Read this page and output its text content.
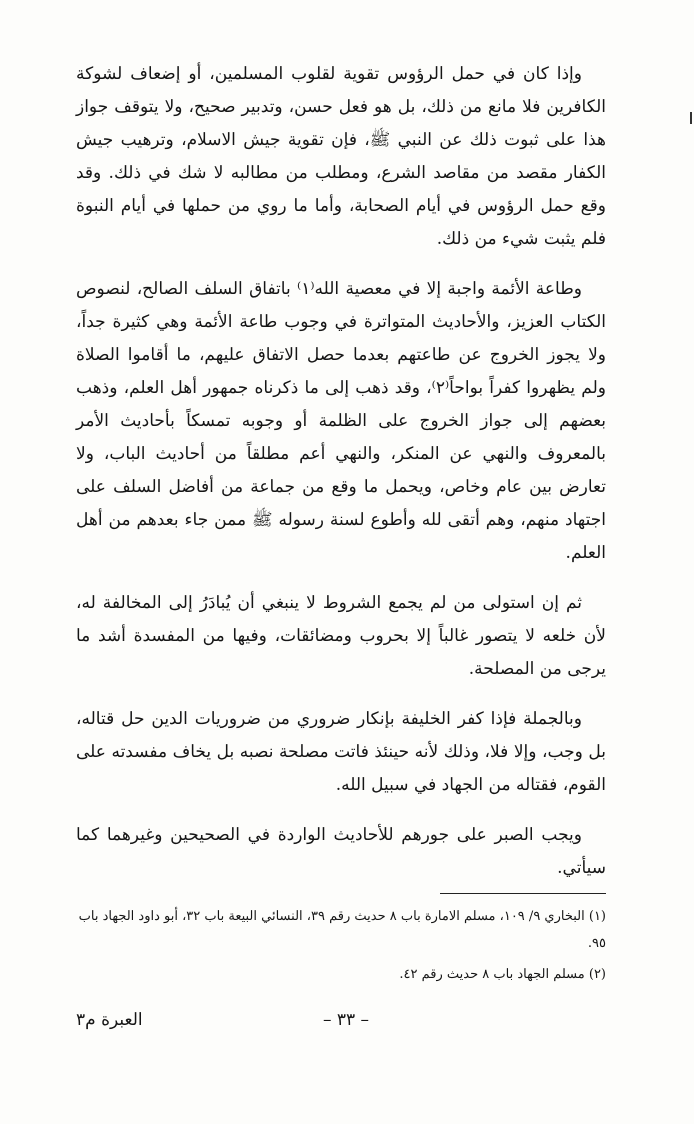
وإذا كان في حمل الرؤوس تقوية لقلوب المسلمين، أو إضعاف لشوكة الكافرين فلا مانع من ذلك، بل هو فعل حسن، وتدبير صحيح، ولا يتوقف جواز هذا على ثبوت ذلك عن النبي ﷺ، فإن تقوية جيش الاسلام، وترهيب جيش الكفار مقصد من مقاصد الشرع، ومطلب من مطالبه لا شك في ذلك. وقد وقع حمل الرؤوس في أيام الصحابة، وأما ما روي من حملها في أيام النبوة فلم يثبت شيء من ذلك.

وطاعة الأئمة واجبة إلا في معصية الله⁽١⁾ باتفاق السلف الصالح، لنصوص الكتاب العزيز، والأحاديث المتواترة في وجوب طاعة الأئمة وهي كثيرة جداً، ولا يجوز الخروج عن طاعتهم بعدما حصل الاتفاق عليهم، ما أقاموا الصلاة ولم يظهروا كفراً بواحاً⁽٢⁾، وقد ذهب إلى ما ذكرناه جمهور أهل العلم، وذهب بعضهم إلى جواز الخروج على الظلمة أو وجوبه تمسكاً بأحاديث الأمر بالمعروف والنهي عن المنكر، والنهي أعم مطلقاً من أحاديث الباب، ولا تعارض بين عام وخاص، ويحمل ما وقع من جماعة من أفاضل السلف على اجتهاد منهم، وهم أتقى لله وأطوع لسنة رسوله ﷺ ممن جاء بعدهم من أهل العلم.

ثم إن استولى من لم يجمع الشروط لا ينبغي أن يُبادَرُ إلى المخالفة له، لأن خلعه لا يتصور غالباً إلا بحروب ومضائقات، وفيها من المفسدة أشد ما يرجى من المصلحة.

وبالجملة فإذا كفر الخليفة بإنكار ضروري من ضروريات الدين حل قتاله، بل وجب، وإلا فلا، وذلك لأنه حينئذ فاتت مصلحة نصبه بل يخاف مفسدته على القوم، فقتاله من الجهاد في سبيل الله.

ويجب الصبر على جورهم للأحاديث الواردة في الصحيحين وغيرهما كما سيأتي.

(١) البخاري ٩/ ١٠٩، مسلم الامارة باب ٨ حديث رقم ٣٩، النسائي البيعة باب ٣٢، أبو داود الجهاد باب ٩٥.

(٢) مسلم الجهاد باب ٨ حديث رقم ٤٢.

– ٣٣ –
العبرة م٣
